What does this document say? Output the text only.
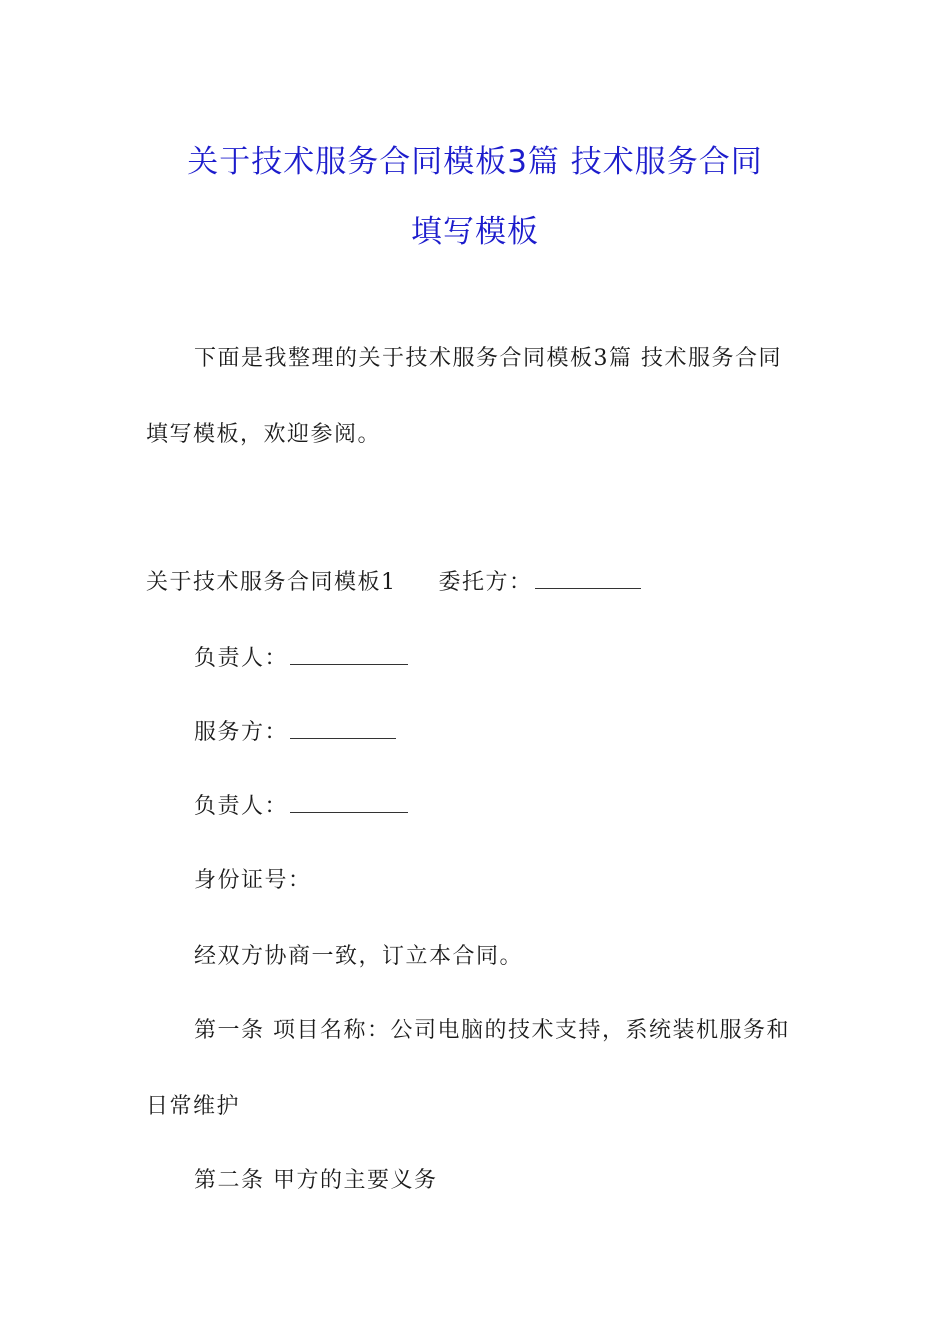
关于技术服务合同模板3篇 技术服务合同
填写模板
下面是我整理的关于技术服务合同模板3篇 技术服务合同
填写模板，欢迎参阅。
关于技术服务合同模板1 委托方：
负责人：
服务方：
负责人：
身份证号：
经双方协商一致，订立本合同。
第一条 项目名称：公司电脑的技术支持，系统装机服务和
日常维护
第二条 甲方的主要义务
